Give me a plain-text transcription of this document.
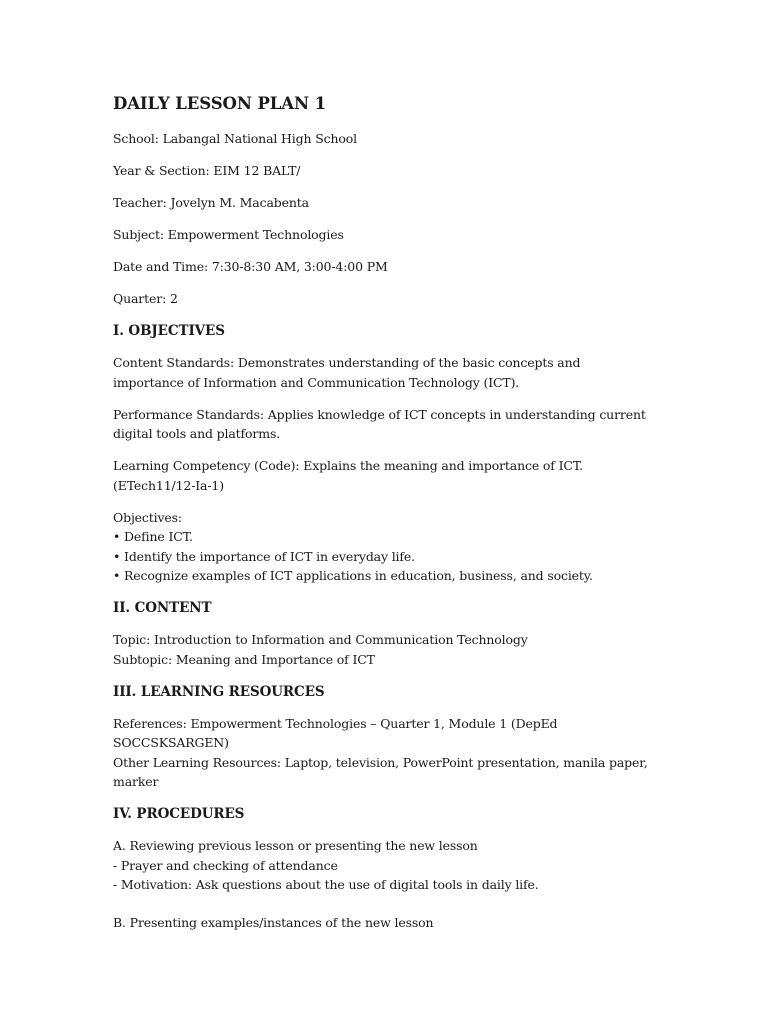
DAILY LESSON PLAN 1

School: Labangal National High School

Year & Section: EIM 12 BALT/

Teacher: Jovelyn M. Macabenta

Subject: Empowerment Technologies

Date and Time: 7:30-8:30 AM, 3:00-4:00 PM

Quarter: 2

I. OBJECTIVES

Content Standards: Demonstrates understanding of the basic concepts and importance of Information and Communication Technology (ICT).

Performance Standards: Applies knowledge of ICT concepts in understanding current digital tools and platforms.

Learning Competency (Code): Explains the meaning and importance of ICT. (ETech11/12-Ia-1)

Objectives:
• Define ICT.
• Identify the importance of ICT in everyday life.
• Recognize examples of ICT applications in education, business, and society.

II. CONTENT

Topic: Introduction to Information and Communication Technology
Subtopic: Meaning and Importance of ICT

III. LEARNING RESOURCES

References: Empowerment Technologies – Quarter 1, Module 1 (DepEd SOCCSKSARGEN)
Other Learning Resources: Laptop, television, PowerPoint presentation, manila paper, marker

IV. PROCEDURES

A. Reviewing previous lesson or presenting the new lesson
- Prayer and checking of attendance
- Motivation: Ask questions about the use of digital tools in daily life.

B. Presenting examples/instances of the new lesson
